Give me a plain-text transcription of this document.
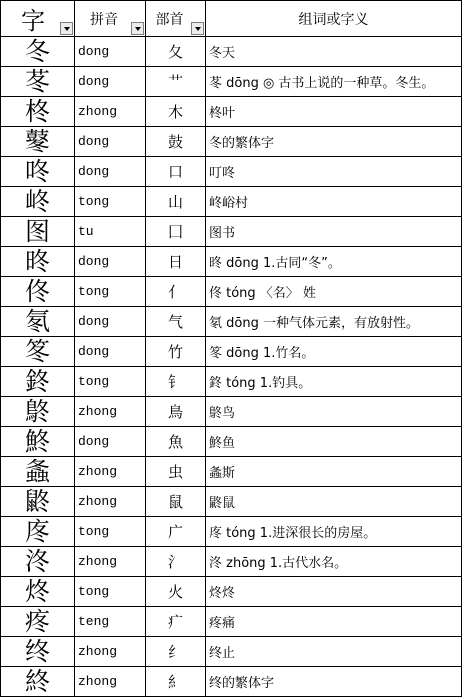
字	拼音	部首	组词或字义
冬	dong	夂	冬天
苳	dong	艹	苳 dōng ◎ 古书上说的一种草。冬生。
柊	zhong	木	柊叶
鼕	dong	鼓	冬的繁体字
咚	dong	口	叮咚
峂	tong	山	峂峪村
图	tu	囗	图书
昸	dong	日	昸 dōng 1.古同“冬”。
佟	tong	亻	佟 tóng 〈名〉 姓
氡	dong	气	氡 dōng 一种气体元素，有放射性。
笗	dong	竹	笗 dōng 1.竹名。
鉖	tong	钅	鉖 tóng 1.钓具。
鴤	zhong	鳥	鴤鸟
鮗	dong	魚	鮗鱼
螽	zhong	虫	螽斯
鼨	zhong	鼠	鼨鼠
庝	tong	广	庝 tóng 1.进深很长的房屋。
泈	zhong	氵	泈 zhōng 1.古代水名。
炵	tong	火	炵炵
疼	teng	疒	疼痛
终	zhong	纟	终止
終	zhong	糹	终的繁体字
